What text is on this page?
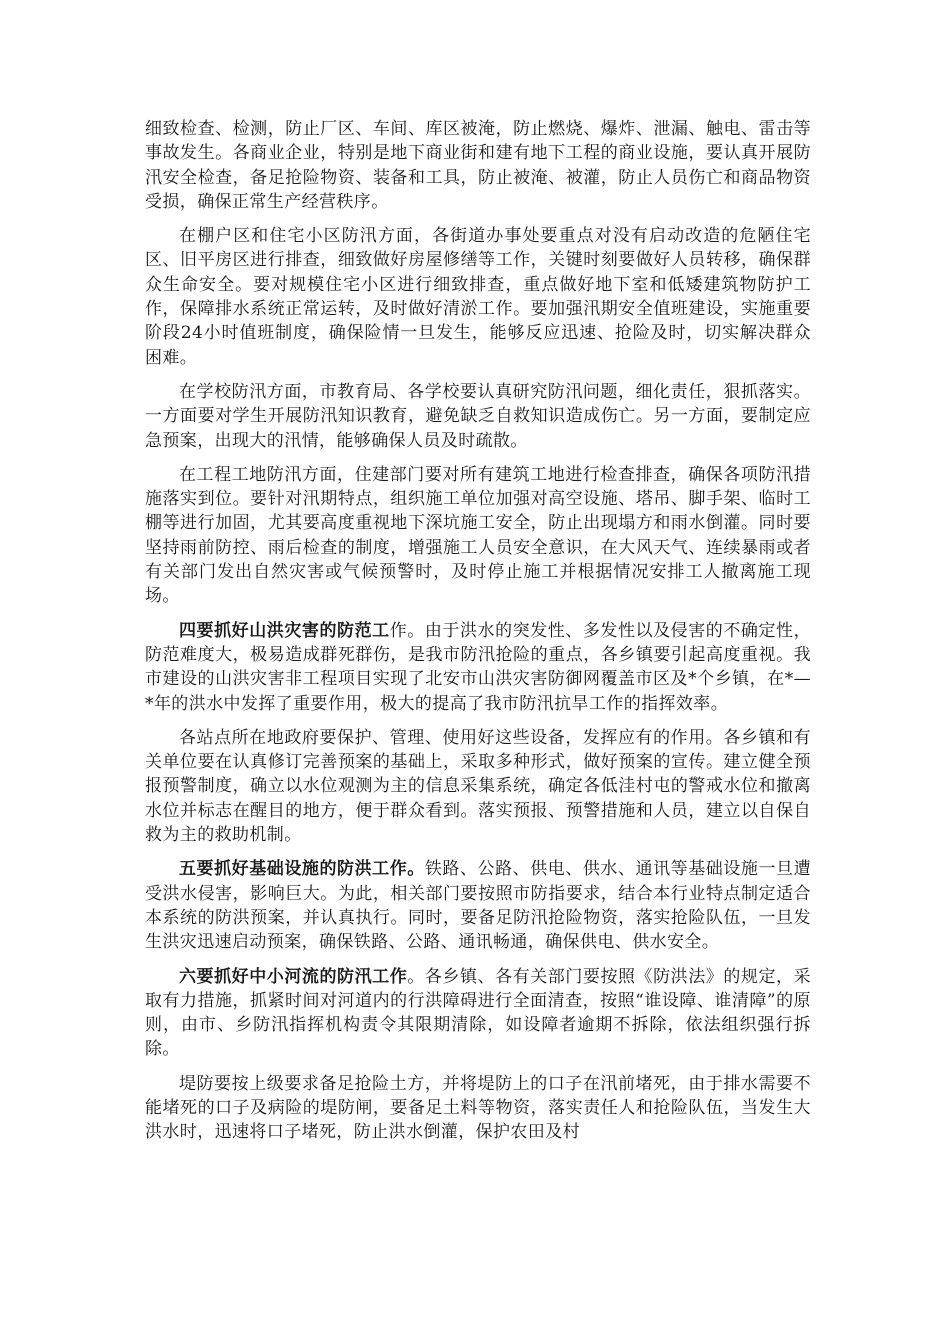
细致检查、检测，防止厂区、车间、库区被淹，防止燃烧、爆炸、泄漏、触电、雷击等事故发生。各商业企业，特别是地下商业街和建有地下工程的商业设施，要认真开展防汛安全检查，备足抢险物资、装备和工具，防止被淹、被灌，防止人员伤亡和商品物资受损，确保正常生产经营秩序。

在棚户区和住宅小区防汛方面，各街道办事处要重点对没有启动改造的危陋住宅区、旧平房区进行排查，细致做好房屋修缮等工作，关键时刻要做好人员转移，确保群众生命安全。要对规模住宅小区进行细致排查，重点做好地下室和低矮建筑物防护工作，保障排水系统正常运转，及时做好清淤工作。要加强汛期安全值班建设，实施重要阶段24小时值班制度，确保险情一旦发生，能够反应迅速、抢险及时，切实解决群众困难。

在学校防汛方面，市教育局、各学校要认真研究防汛问题，细化责任，狠抓落实。一方面要对学生开展防汛知识教育，避免缺乏自救知识造成伤亡。另一方面，要制定应急预案，出现大的汛情，能够确保人员及时疏散。

在工程工地防汛方面，住建部门要对所有建筑工地进行检查排查，确保各项防汛措施落实到位。要针对汛期特点，组织施工单位加强对高空设施、塔吊、脚手架、临时工棚等进行加固，尤其要高度重视地下深坑施工安全，防止出现塌方和雨水倒灌。同时要坚持雨前防控、雨后检查的制度，增强施工人员安全意识，在大风天气、连续暴雨或者有关部门发出自然灾害或气候预警时，及时停止施工并根据情况安排工人撤离施工现场。

四要抓好山洪灾害的防范工作。由于洪水的突发性、多发性以及侵害的不确定性，防范难度大，极易造成群死群伤，是我市防汛抢险的重点，各乡镇要引起高度重视。我市建设的山洪灾害非工程项目实现了北安市山洪灾害防御网覆盖市区及*个乡镇，在*—*年的洪水中发挥了重要作用，极大的提高了我市防汛抗旱工作的指挥效率。

各站点所在地政府要保护、管理、使用好这些设备，发挥应有的作用。各乡镇和有关单位要在认真修订完善预案的基础上，采取多种形式，做好预案的宣传。建立健全预报预警制度，确立以水位观测为主的信息采集系统，确定各低洼村屯的警戒水位和撤离水位并标志在醒目的地方，便于群众看到。落实预报、预警措施和人员，建立以自保自救为主的救助机制。

五要抓好基础设施的防洪工作。铁路、公路、供电、供水、通讯等基础设施一旦遭受洪水侵害，影响巨大。为此，相关部门要按照市防指要求，结合本行业特点制定适合本系统的防洪预案，并认真执行。同时，要备足防汛抢险物资，落实抢险队伍，一旦发生洪灾迅速启动预案，确保铁路、公路、通讯畅通，确保供电、供水安全。

六要抓好中小河流的防汛工作。各乡镇、各有关部门要按照《防洪法》的规定，采取有力措施，抓紧时间对河道内的行洪障碍进行全面清查，按照“谁设障、谁清障”的原则，由市、乡防汛指挥机构责令其限期清除，如设障者逾期不拆除，依法组织强行拆除。

堤防要按上级要求备足抢险土方，并将堤防上的口子在汛前堵死，由于排水需要不能堵死的口子及病险的堤防闸，要备足土料等物资，落实责任人和抢险队伍，当发生大洪水时，迅速将口子堵死，防止洪水倒灌，保护农田及村
